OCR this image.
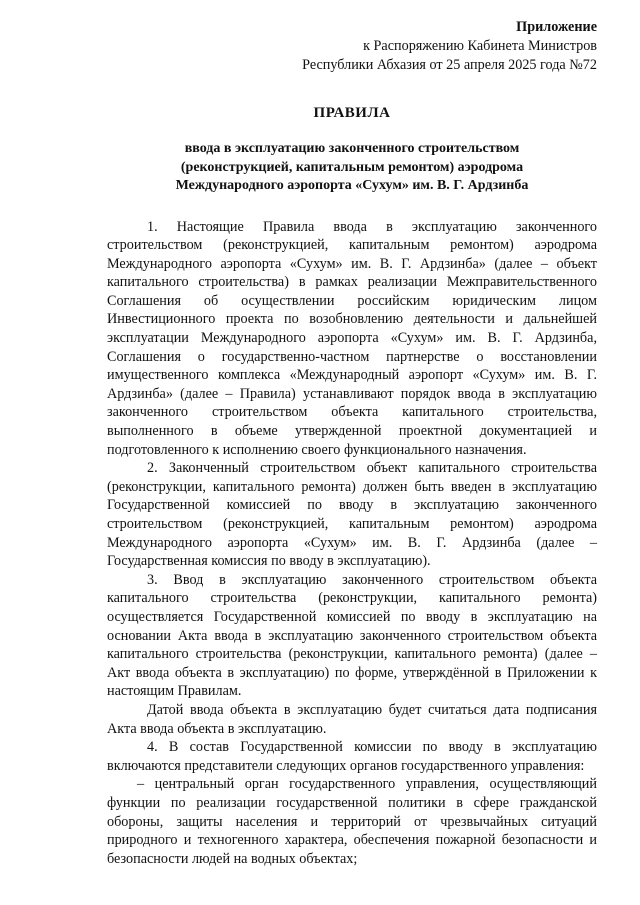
Приложение
к Распоряжению Кабинета Министров
Республики Абхазия от 25 апреля 2025 года №72
ПРАВИЛА
ввода в эксплуатацию законченного строительством
(реконструкцией, капитальным ремонтом) аэродрома
Международного аэропорта «Сухум» им. В. Г. Ардзинба

1. Настоящие Правила ввода в эксплуатацию законченного строительством (реконструкцией, капитальным ремонтом) аэродрома Международного аэропорта «Сухум» им. В. Г. Ардзинба» (далее – объект капитального строительства) в рамках реализации Межправительственного Соглашения об осуществлении российским юридическим лицом Инвестиционного проекта по возобновлению деятельности и дальнейшей эксплуатации Международного аэропорта «Сухум» им. В. Г. Ардзинба, Соглашения о государственно-частном партнерстве о восстановлении имущественного комплекса «Международный аэропорт «Сухум» им. В. Г. Ардзинба» (далее – Правила) устанавливают порядок ввода в эксплуатацию законченного строительством объекта капитального строительства, выполненного в объеме утвержденной проектной документацией и подготовленного к исполнению своего функционального назначения.

2. Законченный строительством объект капитального строительства (реконструкции, капитального ремонта) должен быть введен в эксплуатацию Государственной комиссией по вводу в эксплуатацию законченного строительством (реконструкцией, капитальным ремонтом) аэродрома Международного аэропорта «Сухум» им. В. Г. Ардзинба (далее – Государственная комиссия по вводу в эксплуатацию).

3. Ввод в эксплуатацию законченного строительством объекта капитального строительства (реконструкции, капитального ремонта) осуществляется Государственной комиссией по вводу в эксплуатацию на основании Акта ввода в эксплуатацию законченного строительством объекта капитального строительства (реконструкции, капитального ремонта) (далее – Акт ввода объекта в эксплуатацию) по форме, утверждённой в Приложении к настоящим Правилам.

Датой ввода объекта в эксплуатацию будет считаться дата подписания Акта ввода объекта в эксплуатацию.

4. В состав Государственной комиссии по вводу в эксплуатацию включаются представители следующих органов государственного управления:

– центральный орган государственного управления, осуществляющий функции по реализации государственной политики в сфере гражданской обороны, защиты населения и территорий от чрезвычайных ситуаций природного и техногенного характера, обеспечения пожарной безопасности и безопасности людей на водных объектах;
